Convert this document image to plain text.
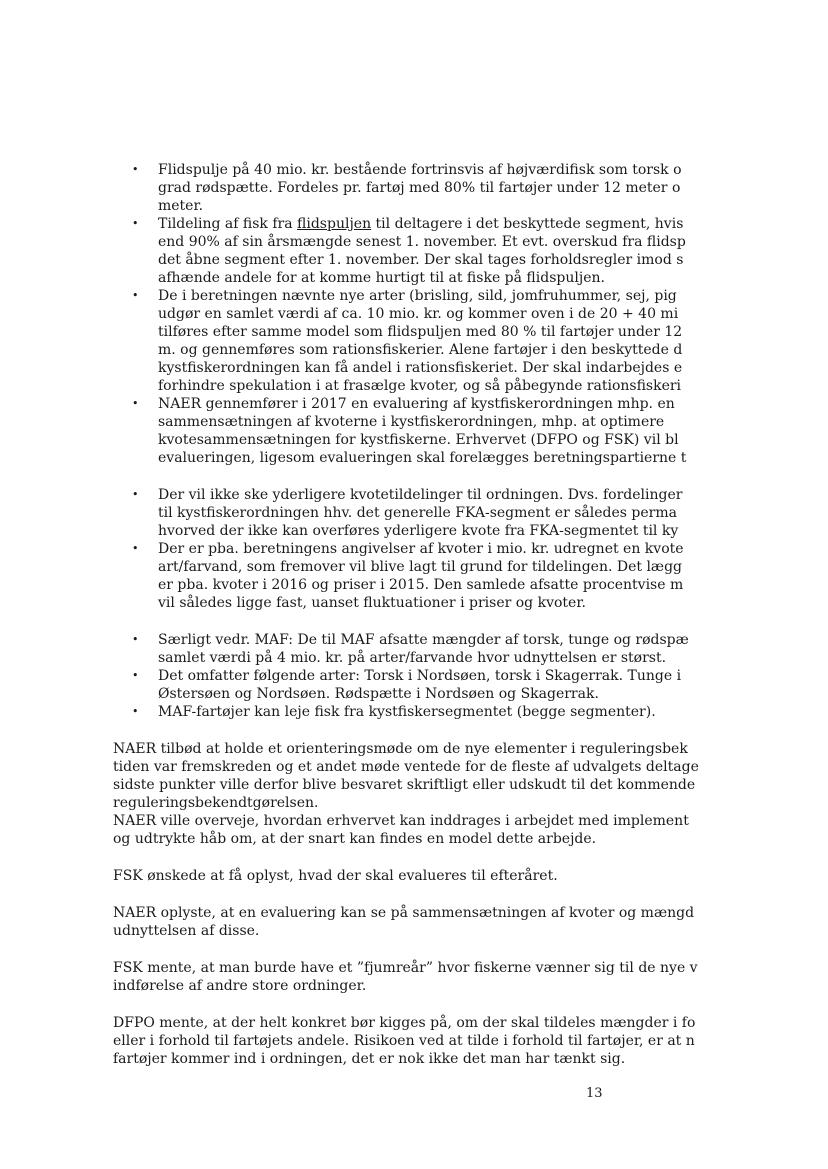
• Flidspulje på 40 mio. kr. bestående fortrinsvis af højværdifisk som torsk o
grad rødspætte. Fordeles pr. fartøj med 80% til fartøjer under 12 meter o
meter.
• Tildeling af fisk fra flidspuljen til deltagere i det beskyttede segment, hvis
end 90% af sin årsmængde senest 1. november. Et evt. overskud fra flidsp
det åbne segment efter 1. november. Der skal tages forholdsregler imod s
afhænde andele for at komme hurtigt til at fiske på flidspuljen.
• De i beretningen nævnte nye arter (brisling, sild, jomfruhummer, sej, pig
udgør en samlet værdi af ca. 10 mio. kr. og kommer oven i de 20 + 40 mi
tilføres efter samme model som flidspuljen med 80 % til fartøjer under 12
m. og gennemføres som rationsfiskerier. Alene fartøjer i den beskyttede d
kystfiskerordningen kan få andel i rationsfiskeriet. Der skal indarbejdes e
forhindre spekulation i at frasælge kvoter, og så påbegynde rationsfiskeri
• NAER gennemfører i 2017 en evaluering af kystfiskerordningen mhp. en
sammensætningen af kvoterne i kystfiskerordningen, mhp. at optimere
kvotesammensætningen for kystfiskerne. Erhvervet (DFPO og FSK) vil bl
evalueringen, ligesom evalueringen skal forelægges beretningspartierne t
• Der vil ikke ske yderligere kvotetildelinger til ordningen. Dvs. fordelinger
til kystfiskerordningen hhv. det generelle FKA-segment er således perma
hvorved der ikke kan overføres yderligere kvote fra FKA-segmentet til ky
• Der er pba. beretningens angivelser af kvoter i mio. kr. udregnet en kvote
art/farvand, som fremover vil blive lagt til grund for tildelingen. Det lægg
er pba. kvoter i 2016 og priser i 2015. Den samlede afsatte procentvise m
vil således ligge fast, uanset fluktuationer i priser og kvoter.
• Særligt vedr. MAF: De til MAF afsatte mængder af torsk, tunge og rødspæ
samlet værdi på 4 mio. kr. på arter/farvande hvor udnyttelsen er størst.
• Det omfatter følgende arter: Torsk i Nordsøen, torsk i Skagerrak. Tunge i
Østersøen og Nordsøen. Rødspætte i Nordsøen og Skagerrak.
• MAF-fartøjer kan leje fisk fra kystfiskersegmentet (begge segmenter).
NAER tilbød at holde et orienteringsmøde om de nye elementer i reguleringsbek
tiden var fremskreden og et andet møde ventede for de fleste af udvalgets deltage
sidste punkter ville derfor blive besvaret skriftligt eller udskudt til det kommende
reguleringsbekendtgørelsen.
NAER ville overveje, hvordan erhvervet kan inddrages i arbejdet med implement
og udtrykte håb om, at der snart kan findes en model dette arbejde.
FSK ønskede at få oplyst, hvad der skal evalueres til efteråret.
NAER oplyste, at en evaluering kan se på sammensætningen af kvoter og mængd
udnyttelsen af disse.
FSK mente, at man burde have et ”fjumreår” hvor fiskerne vænner sig til de nye v
indførelse af andre store ordninger.
DFPO mente, at der helt konkret bør kigges på, om der skal tildeles mængder i fo
eller i forhold til fartøjets andele. Risikoen ved at tilde i forhold til fartøjer, er at n
fartøjer kommer ind i ordningen, det er nok ikke det man har tænkt sig.
13
